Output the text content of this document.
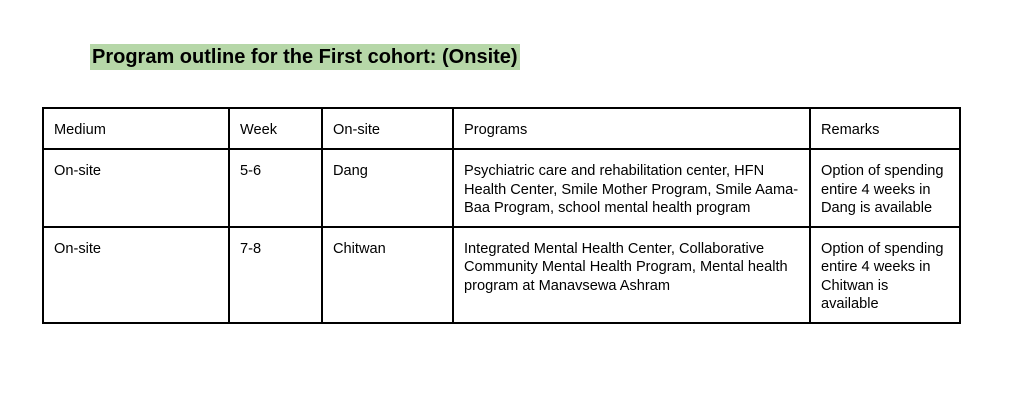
Program outline for the First cohort: (Onsite)
Medium	Week	On-site	Programs	Remarks
On-site	5-6	Dang	Psychiatric care and rehabilitation center, HFN Health Center, Smile Mother Program, Smile Aama-Baa Program, school mental health program	Option of spending entire 4 weeks in Dang is available
On-site	7-8	Chitwan	Integrated Mental Health Center, Collaborative Community Mental Health Program, Mental health program at Manavsewa Ashram	Option of spending entire 4 weeks in Chitwan is available
